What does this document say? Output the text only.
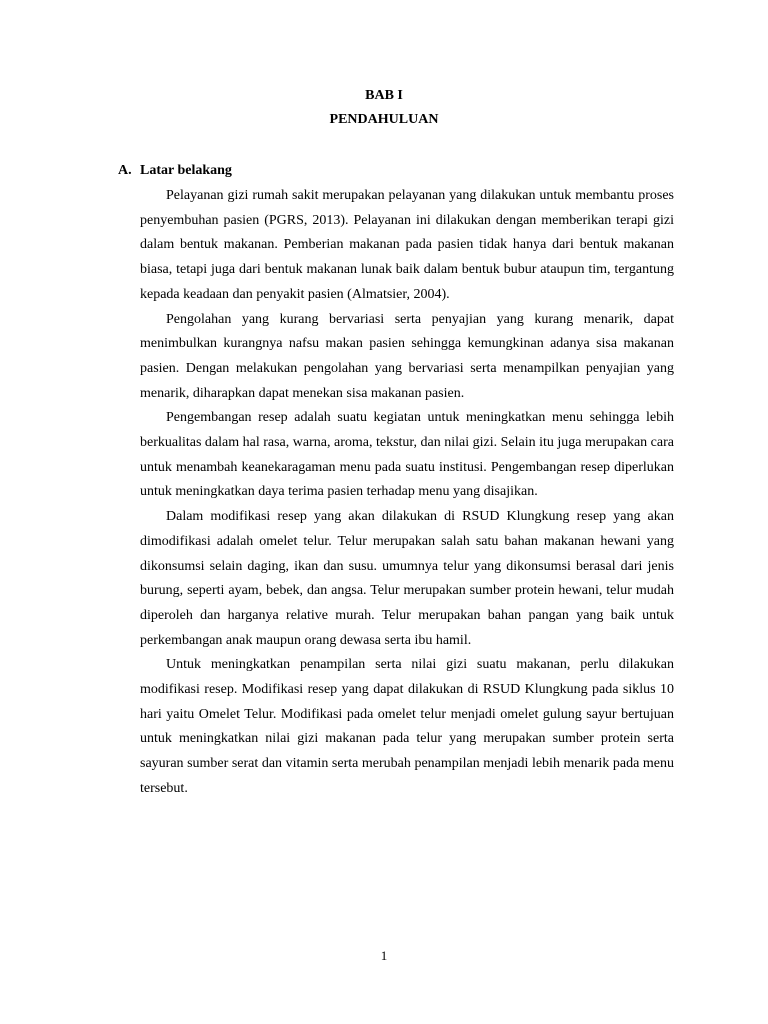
BAB I
PENDAHULUAN
A. Latar belakang

Pelayanan gizi rumah sakit merupakan pelayanan yang dilakukan untuk membantu proses penyembuhan pasien (PGRS, 2013). Pelayanan ini dilakukan dengan memberikan terapi gizi dalam bentuk makanan. Pemberian makanan pada pasien tidak hanya dari bentuk makanan biasa, tetapi juga dari bentuk makanan lunak baik dalam bentuk bubur ataupun tim, tergantung kepada keadaan dan penyakit pasien (Almatsier, 2004).

Pengolahan yang kurang bervariasi serta penyajian yang kurang menarik, dapat menimbulkan kurangnya nafsu makan pasien sehingga kemungkinan adanya sisa makanan pasien. Dengan melakukan pengolahan yang bervariasi serta menampilkan penyajian yang menarik, diharapkan dapat menekan sisa makanan pasien.

Pengembangan resep adalah suatu kegiatan untuk meningkatkan menu sehingga lebih berkualitas dalam hal rasa, warna, aroma, tekstur, dan nilai gizi. Selain itu juga merupakan cara untuk menambah keanekaragaman menu pada suatu institusi. Pengembangan resep diperlukan untuk meningkatkan daya terima pasien terhadap menu yang disajikan.

Dalam modifikasi resep yang akan dilakukan di RSUD Klungkung resep yang akan dimodifikasi adalah omelet telur. Telur merupakan salah satu bahan makanan hewani yang dikonsumsi selain daging, ikan dan susu. umumnya telur yang dikonsumsi berasal dari jenis burung, seperti ayam, bebek, dan angsa. Telur merupakan sumber protein hewani, telur mudah diperoleh dan harganya relative murah. Telur merupakan bahan pangan yang baik untuk perkembangan anak maupun orang dewasa serta ibu hamil.

Untuk meningkatkan penampilan serta nilai gizi suatu makanan, perlu dilakukan modifikasi resep. Modifikasi resep yang dapat dilakukan di RSUD Klungkung pada siklus 10 hari yaitu Omelet Telur. Modifikasi pada omelet telur menjadi omelet gulung sayur bertujuan untuk meningkatkan nilai gizi makanan pada telur yang merupakan sumber protein serta sayuran sumber serat dan vitamin serta merubah penampilan menjadi lebih menarik pada menu tersebut.

1
